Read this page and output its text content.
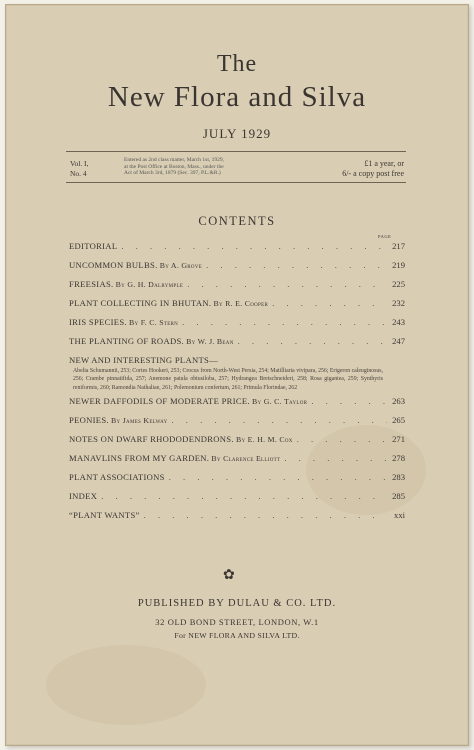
The
New Flora and Silva
JULY 1929
Vol. I,
No. 4
Entered as 2nd class matter, March 1st, 1929,
at the Post Office at Boston, Mass., under the
Act of March 3rd, 1879 (Sec. 397, P.L.&R.)
£1 a year, or
6/- a copy post free
CONTENTS
PAGE
EDITORIAL . . .	217
UNCOMMON BULBS.
By A. Grove . . .	219
FREESIAS.
By G. H. Dalrymple . . .	225
PLANT COLLECTING IN BHUTAN.
By R. E. Cooper . . .	232
IRIS SPECIES.
By F. C. Stern . . .	243
THE PLANTING OF ROADS.
By W. J. Bean . . .	247
NEW AND INTERESTING PLANTS—
Abelia Schumannii, 253; Cortes Hookeri, 253; Crocus from North-West Persia, 254; Matilliaria vivipara, 256; Erigeron caleuginosus, 256; Crambe pinnatifida, 257; Anemone patula obtusiloba, 257; Hydrangea Bretschneideri, 258; Rosa gigantea, 259; Synthyris reniformis, 260; Ramondia Nathaliae, 261; Polemonium confertum, 261; Primula Florindae, 262
NEWER DAFFODILS OF MODERATE PRICE.
By G. C. Taylor . . .	263
PEONIES.
By James Kelway . . .	265
NOTES ON DWARF RHODODENDRONS.
By E. H. M. Cox . . .	271
MANAVLINS FROM MY GARDEN.
By Clarence Elliott . . .	278
PLANT ASSOCIATIONS . . .	283
INDEX . . .	285
“PLANT WANTS” . . .	xxi
✿
PUBLISHED BY DULAU & CO. LTD.
32 OLD BOND STREET, LONDON, W.1
For NEW FLORA AND SILVA LTD.
